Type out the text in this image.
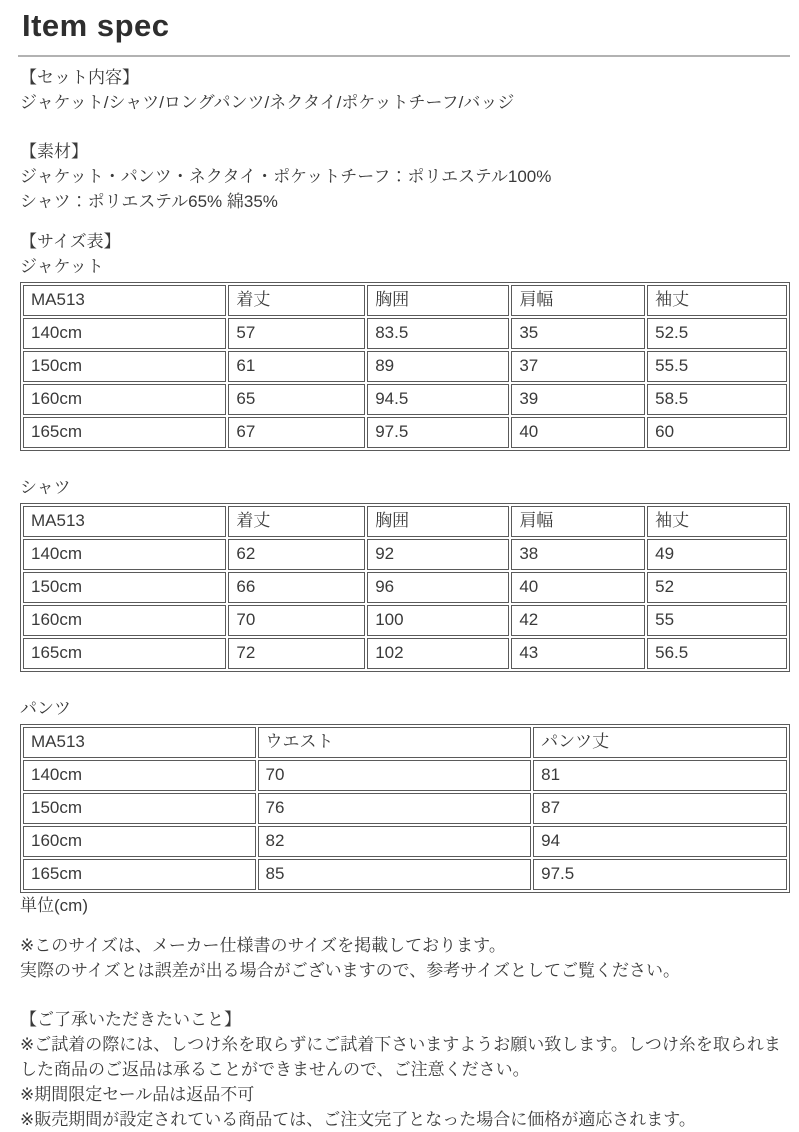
Item spec

【セット内容】

ジャケット/シャツ/ロングパンツ/ネクタイ/ポケットチーフ/バッジ

【素材】

ジャケット・パンツ・ネクタイ・ポケットチーフ：ポリエステル100%

シャツ：ポリエステル65% 綿35%

【サイズ表】

ジャケット

MA513	着丈	胸囲	肩幅	袖丈
140cm	57	83.5	35	52.5
150cm	61	89	37	55.5
160cm	65	94.5	39	58.5
165cm	67	97.5	40	60

シャツ

MA513	着丈	胸囲	肩幅	袖丈
140cm	62	92	38	49
150cm	66	96	40	52
160cm	70	100	42	55
165cm	72	102	43	56.5

パンツ

MA513	ウエスト	パンツ丈
140cm	70	81
150cm	76	87
160cm	82	94
165cm	85	97.5

単位(cm)

※このサイズは、メーカー仕様書のサイズを掲載しております。

実際のサイズとは誤差が出る場合がございますので、参考サイズとしてご覧ください。

【ご了承いただきたいこと】

※ご試着の際には、しつけ糸を取らずにご試着下さいますようお願い致します。しつけ糸を取られました商品のご返品は承ることができませんので、ご注意ください。

※期間限定セール品は返品不可

※販売期間が設定されている商品ては、ご注文完了となった場合に価格が適応されます。
